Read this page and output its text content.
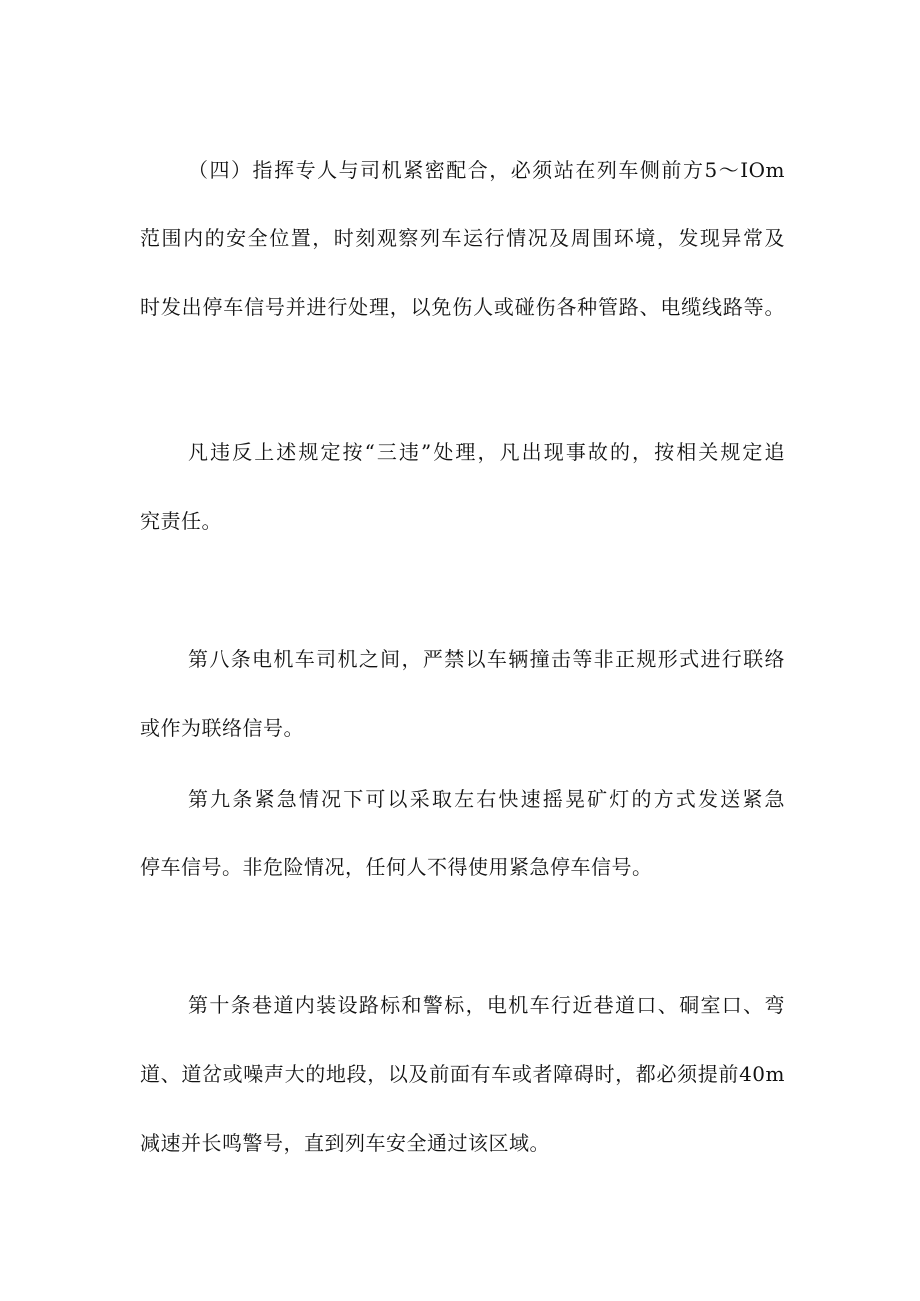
（四）指挥专人与司机紧密配合，必须站在列车侧前方5～IOm
范围内的安全位置，时刻观察列车运行情况及周围环境，发现异常及
时发出停车信号并进行处理，以免伤人或碰伤各种管路、电缆线路等。
凡违反上述规定按“三违”处理，凡出现事故的，按相关规定追
究责任。
第八条电机车司机之间，严禁以车辆撞击等非正规形式进行联络
或作为联络信号。
第九条紧急情况下可以采取左右快速摇晃矿灯的方式发送紧急
停车信号。非危险情况，任何人不得使用紧急停车信号。
第十条巷道内装设路标和警标，电机车行近巷道口、硐室口、弯
道、道岔或噪声大的地段，以及前面有车或者障碍时，都必须提前40m
减速并长鸣警号，直到列车安全通过该区域。
